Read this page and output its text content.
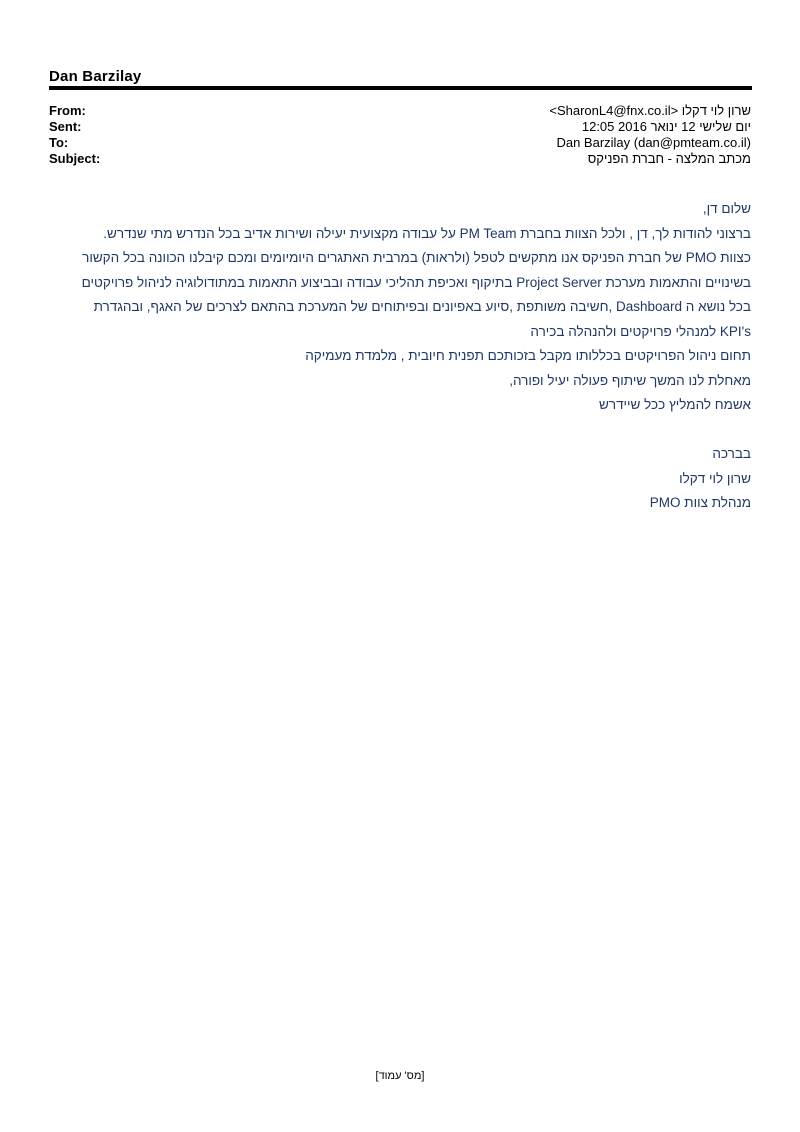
Dan Barzilay
From:
Sent:
To:
Subject:
שרון לוי דקלו <SharonL4@fnx.co.il>
יום שלישי 12 ינואר 2016 12:05
Dan Barzilay (dan@pmteam.co.il)
מכתב המלצה - חברת הפניקס
שלום דן,
ברצוני להודות לך, דן , ולכל הצוות בחברת PM Team על עבודה מקצועית יעילה ושירות אדיב בכל הנדרש מתי שנדרש.
כצוות PMO של חברת הפניקס אנו מתקשים לטפל (ולראות) במרבית האתגרים היומיומים ומכם קיבלנו הכוונה בכל הקשור
בשינויים והתאמות מערכת Project Server בתיקוף ואכיפת תהליכי עבודה ובביצוע התאמות במתודולוגיה לניהול פרויקטים
בכל נושא ה Dashboard ,חשיבה משותפת ,סיוע באפיונים ובפיתוחים של המערכת בהתאם לצרכים של האגף, ובהגדרת
KPI's למנהלי פרויקטים ולהנהלה בכירה
תחום ניהול הפרויקטים בכללותו מקבל בזכותכם תפנית חיובית , מלמדת מעמיקה
מאחלת לנו המשך שיתוף פעולה יעיל ופורה,
אשמח להמליץ ככל שיידרש
בברכה
שרון לוי דקלו
מנהלת צוות PMO
[מס' עמוד]
